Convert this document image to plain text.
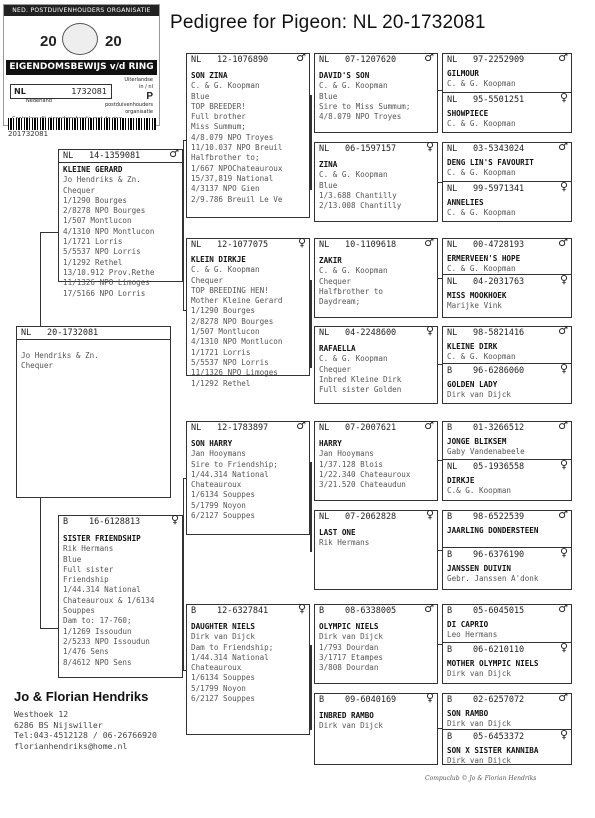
Pedigree for Pigeon: NL 20-1732081
NED. POSTDUIVENHOUDERS ORGANISATIE
20	20
EIGENDOMSBEWIJS v/d RING
Uiterlandse
in / nl
NL	1732081	P
postduivenhouders
Nederland
organisatie
201732081
NL 20-1732081
Jo Hendriks & Zn.
Chequer
NL 14-1359081	♂
KLEINE GERARD
Jo Hendriks & Zn.
Chequer
1/1290 Bourges
2/8278 NPO Bourges
1/507 Montlucon
4/1310 NPO Montlucon
1/1721 Lorris
5/5537 NPO Lorris
1/1292 Rethel
13/10.912 Prov.Rethe
11/1326 NPO Limoges
17/5166 NPO Lorris
B 16-6128813	♀
SISTER FRIENDSHIP
Rik Hermans
Blue
Full sister
Friendship
1/44.314 National
Chateauroux & 1/6134
Souppes
Dam to: 17-760;
1/1269 Issoudun
2/5233 NPO Issoudun
1/476 Sens
8/4612 NPO Sens
NL 12-1076890	♂
SON ZINA
C. & G. Koopman
Blue
TOP BREEDER!
Full brother
Miss Summum;
4/8.079 NPO Troyes
11/10.037 NPO Breuil
Halfbrother to;
1/667 NPOChateauroux
15/37,819 National
4/3137 NPO Gien
2/9.786 Breuil Le Ve
NL 12-1077075	♀
KLEIN DIRKJE
C. & G. Koopman
Chequer
TOP BREEDING HEN!
Mother Kleine Gerard
1/1290 Bourges
2/8278 NPO Bourges
1/507 Montlucon
4/1310 NPO Montlucon
1/1721 Lorris
5/5537 NPO Lorris
11/1326 NPO Limoges
1/1292 Rethel
NL 12-1783897	♂
SON HARRY
Jan Hooymans
Sire to Friendship;
1/44.314 National
Chateauroux
1/6134 Souppes
5/1799 Noyon
6/2127 Souppes
B 12-6327841	♀
DAUGHTER NIELS
Dirk van Dijck
Dam to Friendship;
1/44.314 National
Chateauroux
1/6134 Souppes
5/1799 Noyon
6/2127 Souppes
NL 07-1207620	♂
DAVID'S SON
C. & G. Koopman
Blue
Sire to Miss Summum;
4/8.079 NPO Troyes
NL 06-1597157	♀
ZINA
C. & G. Koopman
Blue
1/3.688 Chantilly
2/13.008 Chantilly
NL 10-1109618	♂
ZAKIR
C. & G. Koopman
Chequer
Halfbrother to
Daydream;
NL 04-2248600	♀
RAFAELLA
C. & G. Koopman
Chequer
Inbred Kleine Dirk
Full sister Golden
NL 07-2007621	♂
HARRY
Jan Hooymans
1/37.128 Blois
1/22.340 Chateauroux
3/21.520 Chateaudun
NL 07-2062828	♀
LAST ONE
Rik Hermans
B 08-6338005	♂
OLYMPIC NIELS
Dirk van Dijck
1/793 Dourdan
3/1717 Etampes
3/808 Dourdan
B 09-6040169	♀
INBRED RAMBO
Dirk van Dijck
NL 97-2252909	♂
GILMOUR
C. & G. Koopman
NL 95-5501251	♀
SHOWPIECE
C. & G. Koopman
NL 03-5343024	♂
DENG LIN'S FAVOURIT
C. & G. Koopman
NL 99-5971341	♀
ANNELIES
C. & G. Koopman
NL 00-4728193	♂
ERMERVEEN'S HOPE
C. & G. Koopman
NL 04-2031763	♀
MISS MOOKHOEK
Marijke Vink
NL 98-5821416	♂
KLEINE DIRK
C. & G. Koopman
B 96-6286060	♀
GOLDEN LADY
Dirk van Dijck
B 01-3266512	♂
JONGE BLIKSEM
Gaby Vandenabeele
NL 05-1936558	♀
DIRKJE
C.& G. Koopman
B 98-6522539	♂
JAARLING DONDERSTEEN
B 96-6376190	♀
JANSSEN DUIVIN
Gebr. Janssen A'donk
B 05-6045015	♂
DI CAPRIO
Leo Hermans
B 06-6210110	♀
MOTHER OLYMPIC NIELS
Dirk van Dijck
B 02-6257072	♂
SON RAMBO
Dirk van Dijck
B 05-6453372	♀
SON X SISTER KANNIBA
Dirk van Dijck
Jo & Florian Hendriks
Westhoek 12
6286 BS Nijswiller
Tel:043-4512128 / 06-26766920
florianhendriks@home.nl
Compuclub © Jo & Florian Hendriks
